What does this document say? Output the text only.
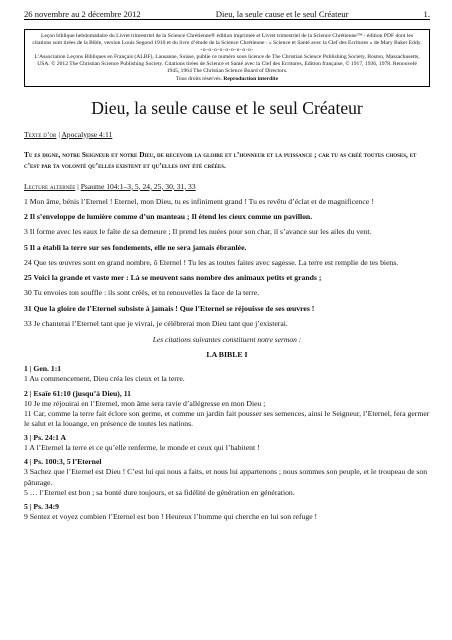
26 novembre au 2 décembre 2012	Dieu, la seule cause et le seul Créateur	1.
Leçon biblique hebdomadaire du Livret trimestriel de la Science Chrétienne® édition imprimée et Livret trimestriel de la Science Chrétienne™ - édition PDF dont les citations sont tirées de la Bible, version Louis Segond 1910 et du livre d’étude de la Science Chrétienne : « Science et Santé avec la Clef des Ecritures » de Mary Baker Eddy.
-o-o-o-o-o-o-o-o-o-
L’Association Leçons Bibliques en Français (ALBF), Lausanne, Suisse, publie ce numéro sous licence de The Christian Science Publishing Society, Boston, Massachusetts, USA. © 2012 The Christian Science Publishing Society. Citations tirées de Science et Santé avec la Clef des Ecritures, Edition française, © 1917, 1936, 1978. Renouvelé 1945, 1964 The Christian Science Board of Directors.
Tous droits réservés. Reproduction interdite
Dieu, la seule cause et le seul Créateur
Texte d’or | Apocalypse 4:11
Tu es digne, notre Seigneur et notre Dieu, de recevoir la gloire et l’honneur et la puissance ; car tu as créé toutes choses, et c’est par ta volonté qu’elles existent et qu’elles ont été créées.
Lecture alternée | Psaume 104:1–3, 5, 24, 25, 30, 31, 33
1 Mon âme, bénis l’Eternel ! Eternel, mon Dieu, tu es infiniment grand ! Tu es revêtu d’éclat et de magnificence !
2 Il s’enveloppe de lumière comme d’un manteau ; Il étend les cieux comme un pavillon.
3 Il forme avec les eaux le faîte de sa demeure ; Il prend les nuées pour son char, il s’avance sur les ailes du vent.
5 Il a établi la terre sur ses fondements, elle ne sera jamais ébranlée.
24 Que tes œuvres sont en grand nombre, ô Eternel ! Tu les as toutes faites avec sagesse. La terre est remplie de tes biens.
25 Voici la grande et vaste mer : Là se meuvent sans nombre des animaux petits et grands ;
30 Tu envoies ton souffle : ils sont créés, et tu renouvelles la face de la terre.
31 Que la gloire de l’Eternel subsiste à jamais ! Que l’Eternel se réjouisse de ses œuvres !
33 Je chanterai l’Eternel tant que je vivrai, je célébrerai mon Dieu tant que j’existerai.
Les citations suivantes constituent notre sermon :
LA BIBLE I
1 | Gen. 1:1
1 Au commencement, Dieu créa les cieux et la terre.
2 | Esaïe 61:10 (jusqu’à Dieu), 11
10 Je me réjouirai en l’Eternel, mon âme sera ravie d’allégresse en mon Dieu ;
11 Car, comme la terre fait éclore son germe, et comme un jardin fait pousser ses semences, ainsi le Seigneur, l’Eternel, fera germer le salut et la louange, en présence de toutes les nations.
3 | Ps. 24:1 A
1 A l’Eternel la terre et ce qu’elle renferme, le monde et ceux qui l’habitent !
4 | Ps. 100:3, 5 l’Eternel
3 Sachez que l’Eternel est Dieu ! C’est lui qui nous a faits, et nous lui appartenons ; nous sommes son peuple, et le troupeau de son pâturage.
5 … l’Eternel est bon ; sa bonté dure toujours, et sa fidélité de génération en génération.
5 | Ps. 34:9
9 Sentez et voyez combien l’Eternel est bon ! Heureux l’homme qui cherche en lui son refuge !
